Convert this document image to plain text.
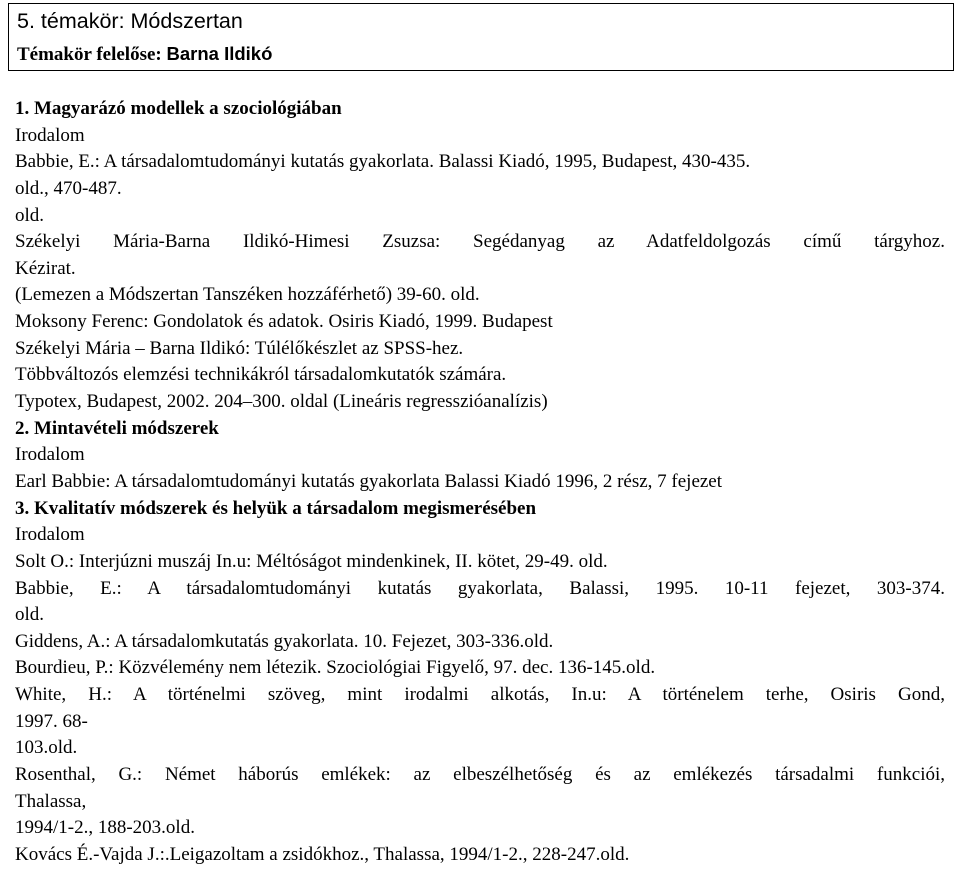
5. témakör: Módszertan
Témakör felelőse: Barna Ildikó
1. Magyarázó modellek a szociológiában
Irodalom
Babbie, E.: A társadalomtudományi kutatás gyakorlata. Balassi Kiadó, 1995, Budapest, 430-435.
old., 470-487.
old.
Székelyi Mária-Barna Ildikó-Himesi Zsuzsa: Segédanyag az Adatfeldolgozás című tárgyhoz.
Kézirat.
(Lemezen a Módszertan Tanszéken hozzáférhető) 39-60. old.
Moksony Ferenc: Gondolatok és adatok. Osiris Kiadó, 1999. Budapest
Székelyi Mária – Barna Ildikó: Túlélőkészlet az SPSS-hez.
Többváltozós elemzési technikákról társadalomkutatók számára.
Typotex, Budapest, 2002. 204–300. oldal (Lineáris regresszióanalízis)
2. Mintavételi módszerek
Irodalom
Earl Babbie: A társadalomtudományi kutatás gyakorlata Balassi Kiadó 1996, 2 rész, 7 fejezet
3. Kvalitatív módszerek és helyük a társadalom megismerésében
Irodalom
Solt O.: Interjúzni muszáj In.u: Méltóságot mindenkinek, II. kötet, 29-49. old.
Babbie, E.: A társadalomtudományi kutatás gyakorlata, Balassi, 1995. 10-11 fejezet, 303-374.
old.
Giddens, A.: A társadalomkutatás gyakorlata. 10. Fejezet, 303-336.old.
Bourdieu, P.: Közvélemény nem létezik. Szociológiai Figyelő, 97. dec. 136-145.old.
White, H.: A történelmi szöveg, mint irodalmi alkotás, In.u: A történelem terhe, Osiris Gond,
1997. 68-
103.old.
Rosenthal, G.: Német háborús emlékek: az elbeszélhetőség és az emlékezés társadalmi funkciói,
Thalassa,
1994/1-2., 188-203.old.
Kovács É.-Vajda J.:.Leigazoltam a zsidókhoz., Thalassa, 1994/1-2., 228-247.old.
